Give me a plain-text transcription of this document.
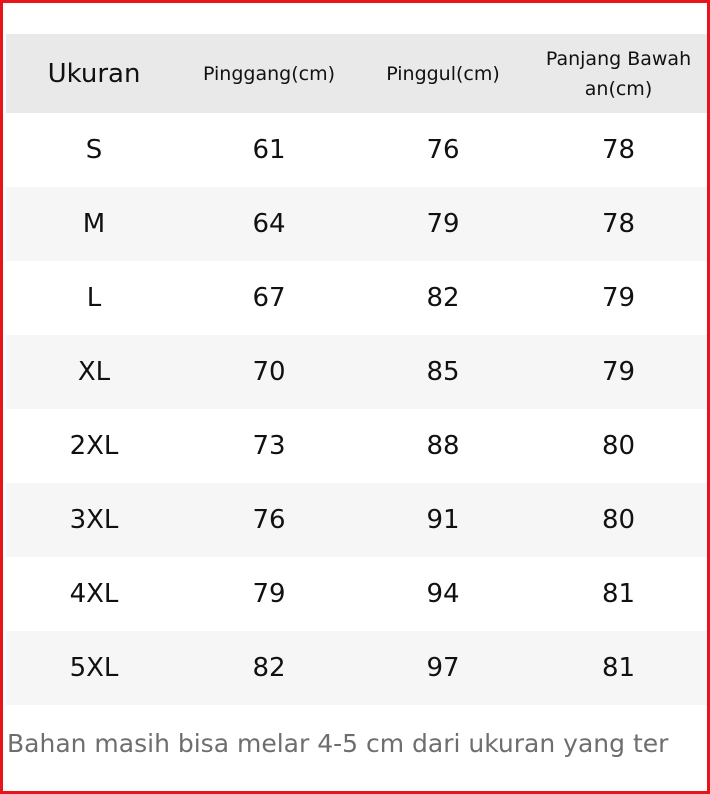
Ukuran	Pinggang(cm)	Pinggul(cm)	Panjang Bawah
an(cm)

S	61	76	78
M	64	79	78
L	67	82	79
XL	70	85	79
2XL	73	88	80
3XL	76	91	80
4XL	79	94	81
5XL	82	97	81
Bahan masih bisa melar 4-5 cm dari ukuran yang ter
